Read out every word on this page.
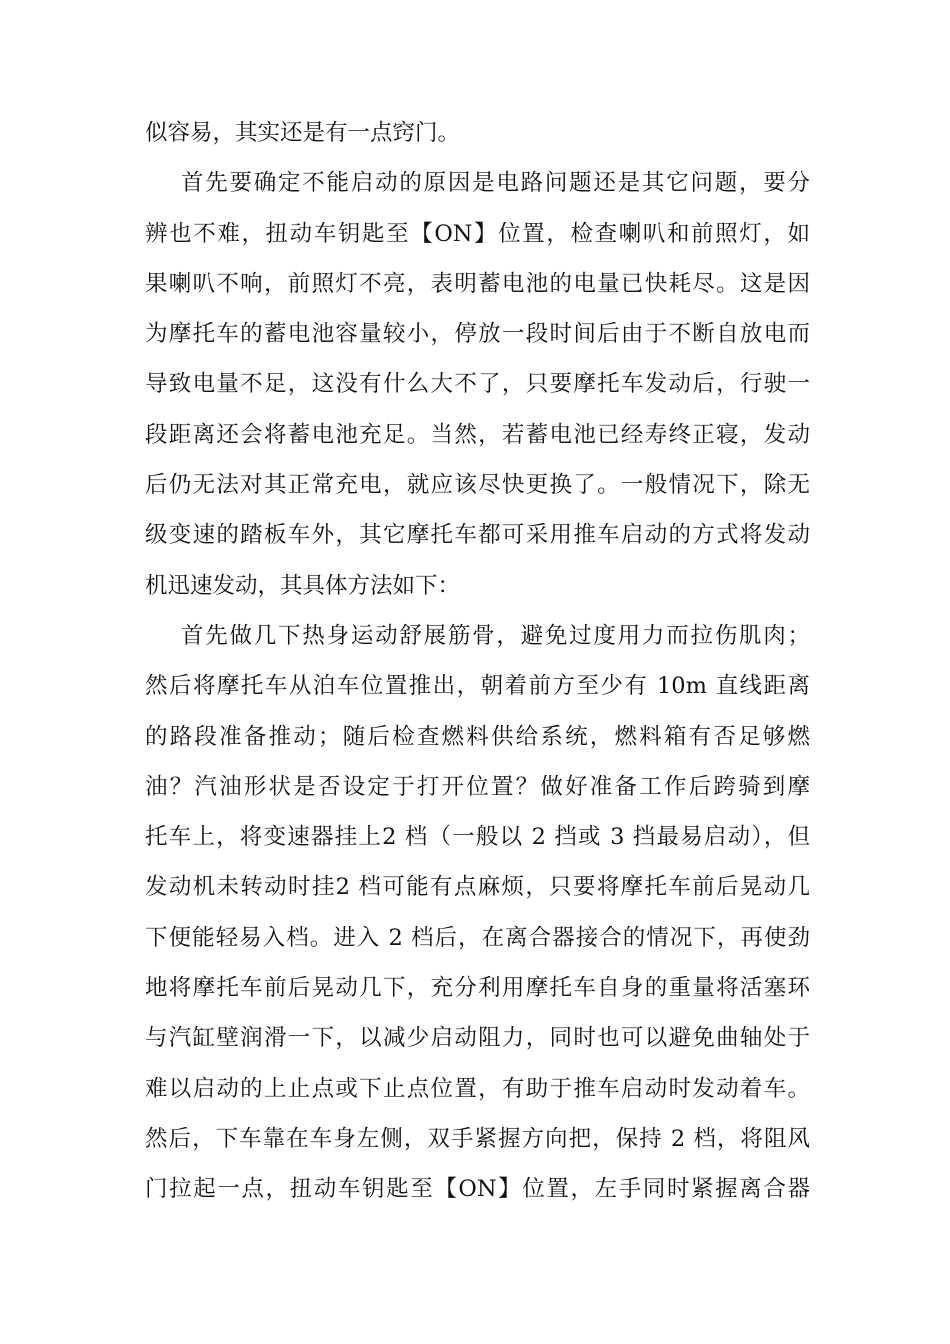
似容易，其实还是有一点窍门。
首先要确定不能启动的原因是电路问题还是其它问题，要分
辨也不难，扭动车钥匙至【ON】位置，检查喇叭和前照灯，如
果喇叭不响，前照灯不亮，表明蓄电池的电量已快耗尽。这是因
为摩托车的蓄电池容量较小，停放一段时间后由于不断自放电而
导致电量不足，这没有什么大不了，只要摩托车发动后，行驶一
段距离还会将蓄电池充足。当然，若蓄电池已经寿终正寝，发动
后仍无法对其正常充电，就应该尽快更换了。一般情况下，除无
级变速的踏板车外，其它摩托车都可采用推车启动的方式将发动
机迅速发动，其具体方法如下：
首先做几下热身运动舒展筋骨，避免过度用力而拉伤肌肉；
然后将摩托车从泊车位置推出，朝着前方至少有 10m 直线距离
的路段准备推动；随后检查燃料供给系统，燃料箱有否足够燃
油？汽油形状是否设定于打开位置？做好准备工作后跨骑到摩
托车上，将变速器挂上2 档（一般以 2 挡或 3 挡最易启动），但
发动机未转动时挂2 档可能有点麻烦，只要将摩托车前后晃动几
下便能轻易入档。进入 2 档后，在离合器接合的情况下，再使劲
地将摩托车前后晃动几下，充分利用摩托车自身的重量将活塞环
与汽缸壁润滑一下，以减少启动阻力，同时也可以避免曲轴处于
难以启动的上止点或下止点位置，有助于推车启动时发动着车。
然后，下车靠在车身左侧，双手紧握方向把，保持 2 档，将阻风
门拉起一点，扭动车钥匙至【ON】位置，左手同时紧握离合器
